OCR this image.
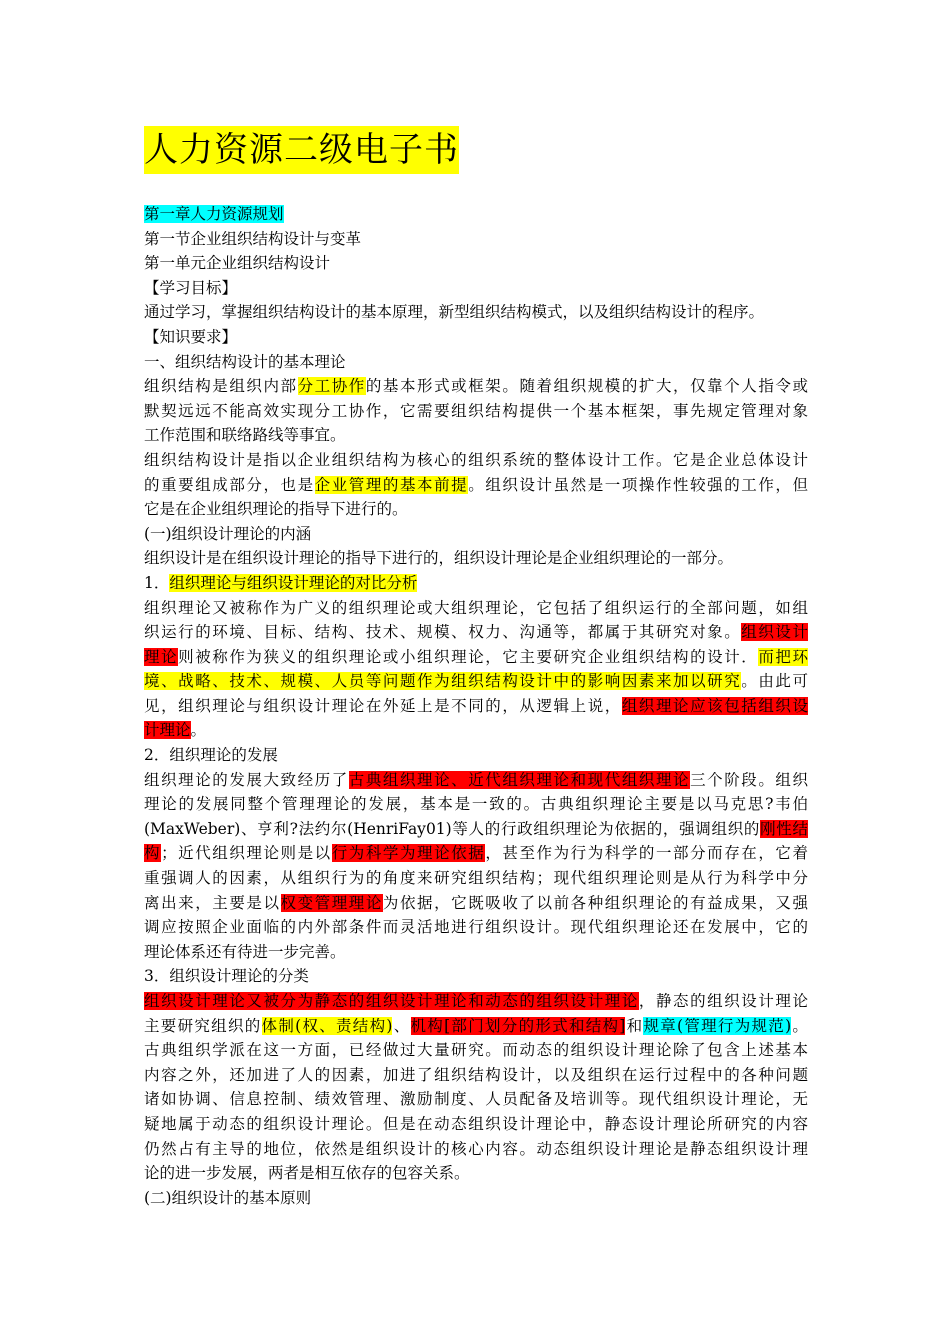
人力资源二级电子书
第一章人力资源规划
第一节企业组织结构设计与变革
第一单元企业组织结构设计
【学习目标】
通过学习，掌握组织结构设计的基本原理，新型组织结构模式，以及组织结构设计的程序。
【知识要求】
一、组织结构设计的基本理论
组织结构是组织内部分工协作的基本形式或框架。随着组织规模的扩大，仅靠个人指令或
默契远远不能高效实现分工协作，它需要组织结构提供一个基本框架，事先规定管理对象
工作范围和联络路线等事宜。
组织结构设计是指以企业组织结构为核心的组织系统的整体设计工作。它是企业总体设计
的重要组成部分，也是企业管理的基本前提。组织设计虽然是一项操作性较强的工作，但
它是在企业组织理论的指导下进行的。
(一)组织设计理论的内涵
组织设计是在组织设计理论的指导下进行的，组织设计理论是企业组织理论的一部分。
1．组织理论与组织设计理论的对比分析
组织理论又被称作为广义的组织理论或大组织理论，它包括了组织运行的全部问题，如组
织运行的环境、目标、结构、技术、规模、权力、沟通等，都属于其研究对象。组织设计
理论则被称作为狭义的组织理论或小组织理论，它主要研究企业组织结构的设计．而把环
境、战略、技术、规模、人员等问题作为组织结构设计中的影响因素来加以研究。由此可
见，组织理论与组织设计理论在外延上是不同的，从逻辑上说，组织理论应该包括组织设
计理论。
2．组织理论的发展
组织理论的发展大致经历了古典组织理论、近代组织理论和现代组织理论三个阶段。组织
理论的发展同整个管理理论的发展，基本是一致的。古典组织理论主要是以马克思?韦伯
(MaxWeber)、亨利?法约尔(HenriFay01)等人的行政组织理论为依据的，强调组织的刚性结
构；近代组织理论则是以行为科学为理论依据，甚至作为行为科学的一部分而存在，它着
重强调人的因素，从组织行为的角度来研究组织结构；现代组织理论则是从行为科学中分
离出来，主要是以权变管理理论为依据，它既吸收了以前各种组织理论的有益成果，又强
调应按照企业面临的内外部条件而灵活地进行组织设计。现代组织理论还在发展中，它的
理论体系还有待进一步完善。
3．组织设计理论的分类
组织设计理论又被分为静态的组织设计理论和动态的组织设计理论，静态的组织设计理论
主要研究组织的体制(权、责结构)、机构[部门划分的形式和结构]和规章(管理行为规范)。
古典组织学派在这一方面，已经做过大量研究。而动态的组织设计理论除了包含上述基本
内容之外，还加进了人的因素，加进了组织结构设计，以及组织在运行过程中的各种问题
诸如协调、信息控制、绩效管理、激励制度、人员配备及培训等。现代组织设计理论，无
疑地属于动态的组织设计理论。但是在动态组织设计理论中，静态设计理论所研究的内容
仍然占有主导的地位，依然是组织设计的核心内容。动态组织设计理论是静态组织设计理
论的进一步发展，两者是相互依存的包容关系。
(二)组织设计的基本原则
